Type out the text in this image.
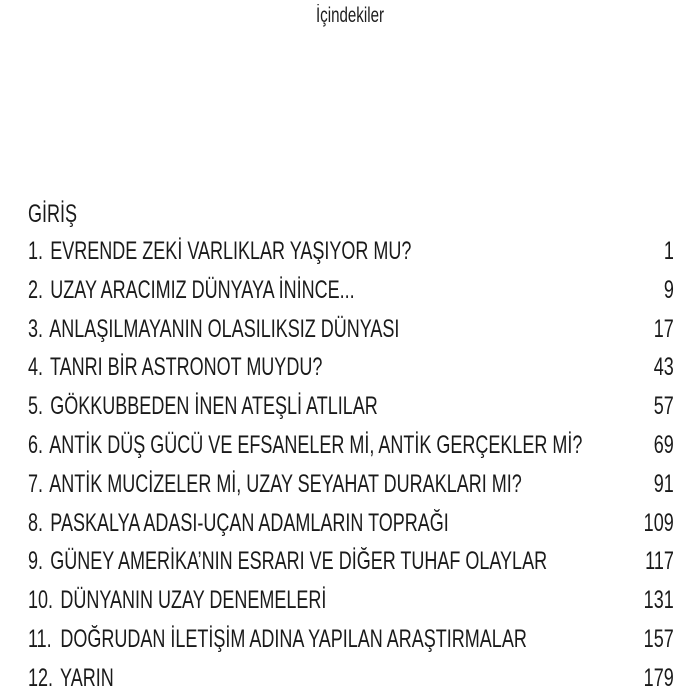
İçindekiler
GİRİŞ
1. EVRENDE ZEKİ VARLIKLAR YAŞIYOR MU?	1
2. UZAY ARACIMIZ DÜNYAYA İNİNCE...	9
3. ANLAŞILMAYANIN OLASILIKSIZ DÜNYASI	17
4. TANRI BİR ASTRONOT MUYDU?	43
5. GÖKKUBBEDEN İNEN ATEŞLİ ATLILAR	57
6. ANTİK DÜŞ GÜCÜ VE EFSANELER Mİ, ANTİK GERÇEKLER Mİ?	69
7. ANTİK MUCİZELER Mİ, UZAY SEYAHAT DURAKLARI MI?	91
8. PASKALYA ADASI-UÇAN ADAMLARIN TOPRAĞI	109
9. GÜNEY AMERİKA’NIN ESRARI VE DİĞER TUHAF OLAYLAR	117
10. DÜNYANIN UZAY DENEMELERİ	131
11. DOĞRUDAN İLETİŞİM ADINA YAPILAN ARAŞTIRMALAR	157
12. YARIN	179
